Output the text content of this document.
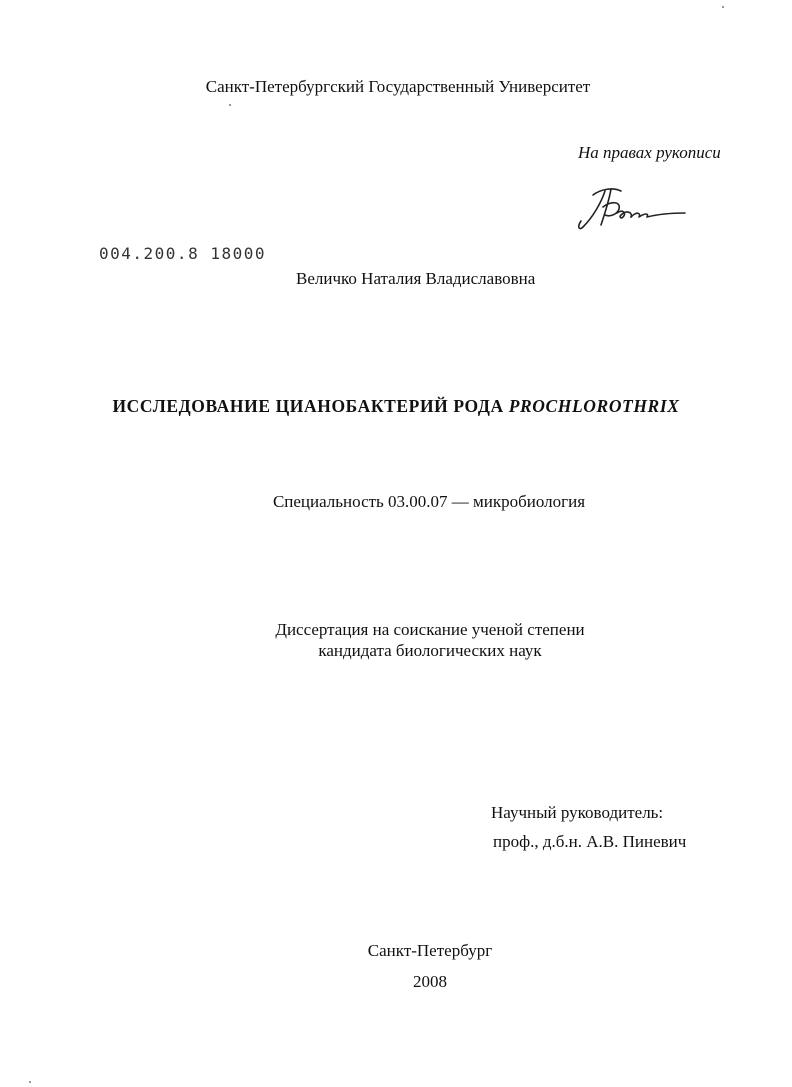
Санкт-Петербургский Государственный Университет
На правах рукописи
004.200.8 18000
Величко Наталия Владиславовна
ИССЛЕДОВАНИЕ ЦИАНОБАКТЕРИЙ РОДА PROCHLOROTHRIX
Специальность 03.00.07 — микробиология
Диссертация на соискание ученой степени
кандидата биологических наук
Научный руководитель:
проф., д.б.н. А.В. Пиневич
Санкт-Петербург
2008
